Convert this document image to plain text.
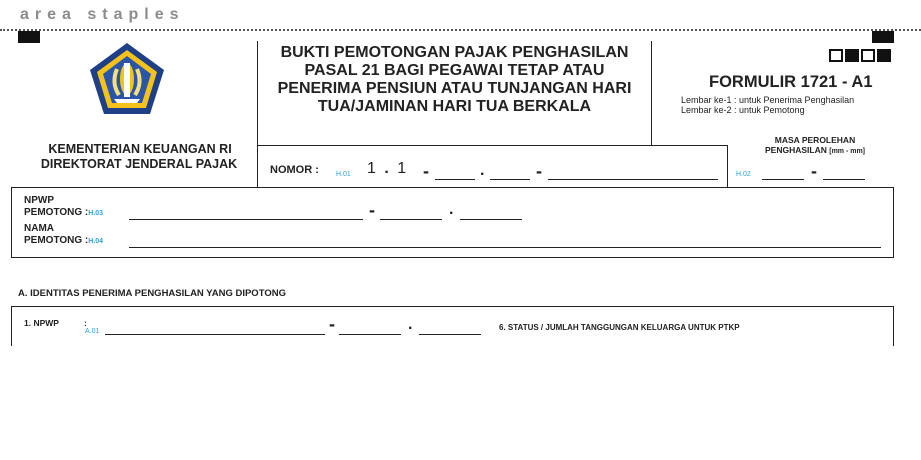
area staples
KEMENTERIAN KEUANGAN RI
DIREKTORAT JENDERAL PAJAK
BUKTI PEMOTONGAN PAJAK PENGHASILAN
PASAL 21 BAGI PEGAWAI TETAP ATAU
PENERIMA PENSIUN ATAU TUNJANGAN HARI
TUA/JAMINAN HARI TUA BERKALA
FORMULIR 1721 - A1
Lembar ke-1 : untuk Penerima Penghasilan
Lembar ke-2 : untuk Pemotong
MASA PEROLEHAN
PENGHASILAN [mm - mm]
H.02	-
NOMOR : H.01 1 . 1 -	.	-
NPWP
PEMOTONG :H.03	-	.
NAMA
PEMOTONG :H.04
A. IDENTITAS PENERIMA PENGHASILAN YANG DIPOTONG
1. NPWP	:
A.01	-	.	6. STATUS / JUMLAH TANGGUNGAN KELUARGA UNTUK PTKP
